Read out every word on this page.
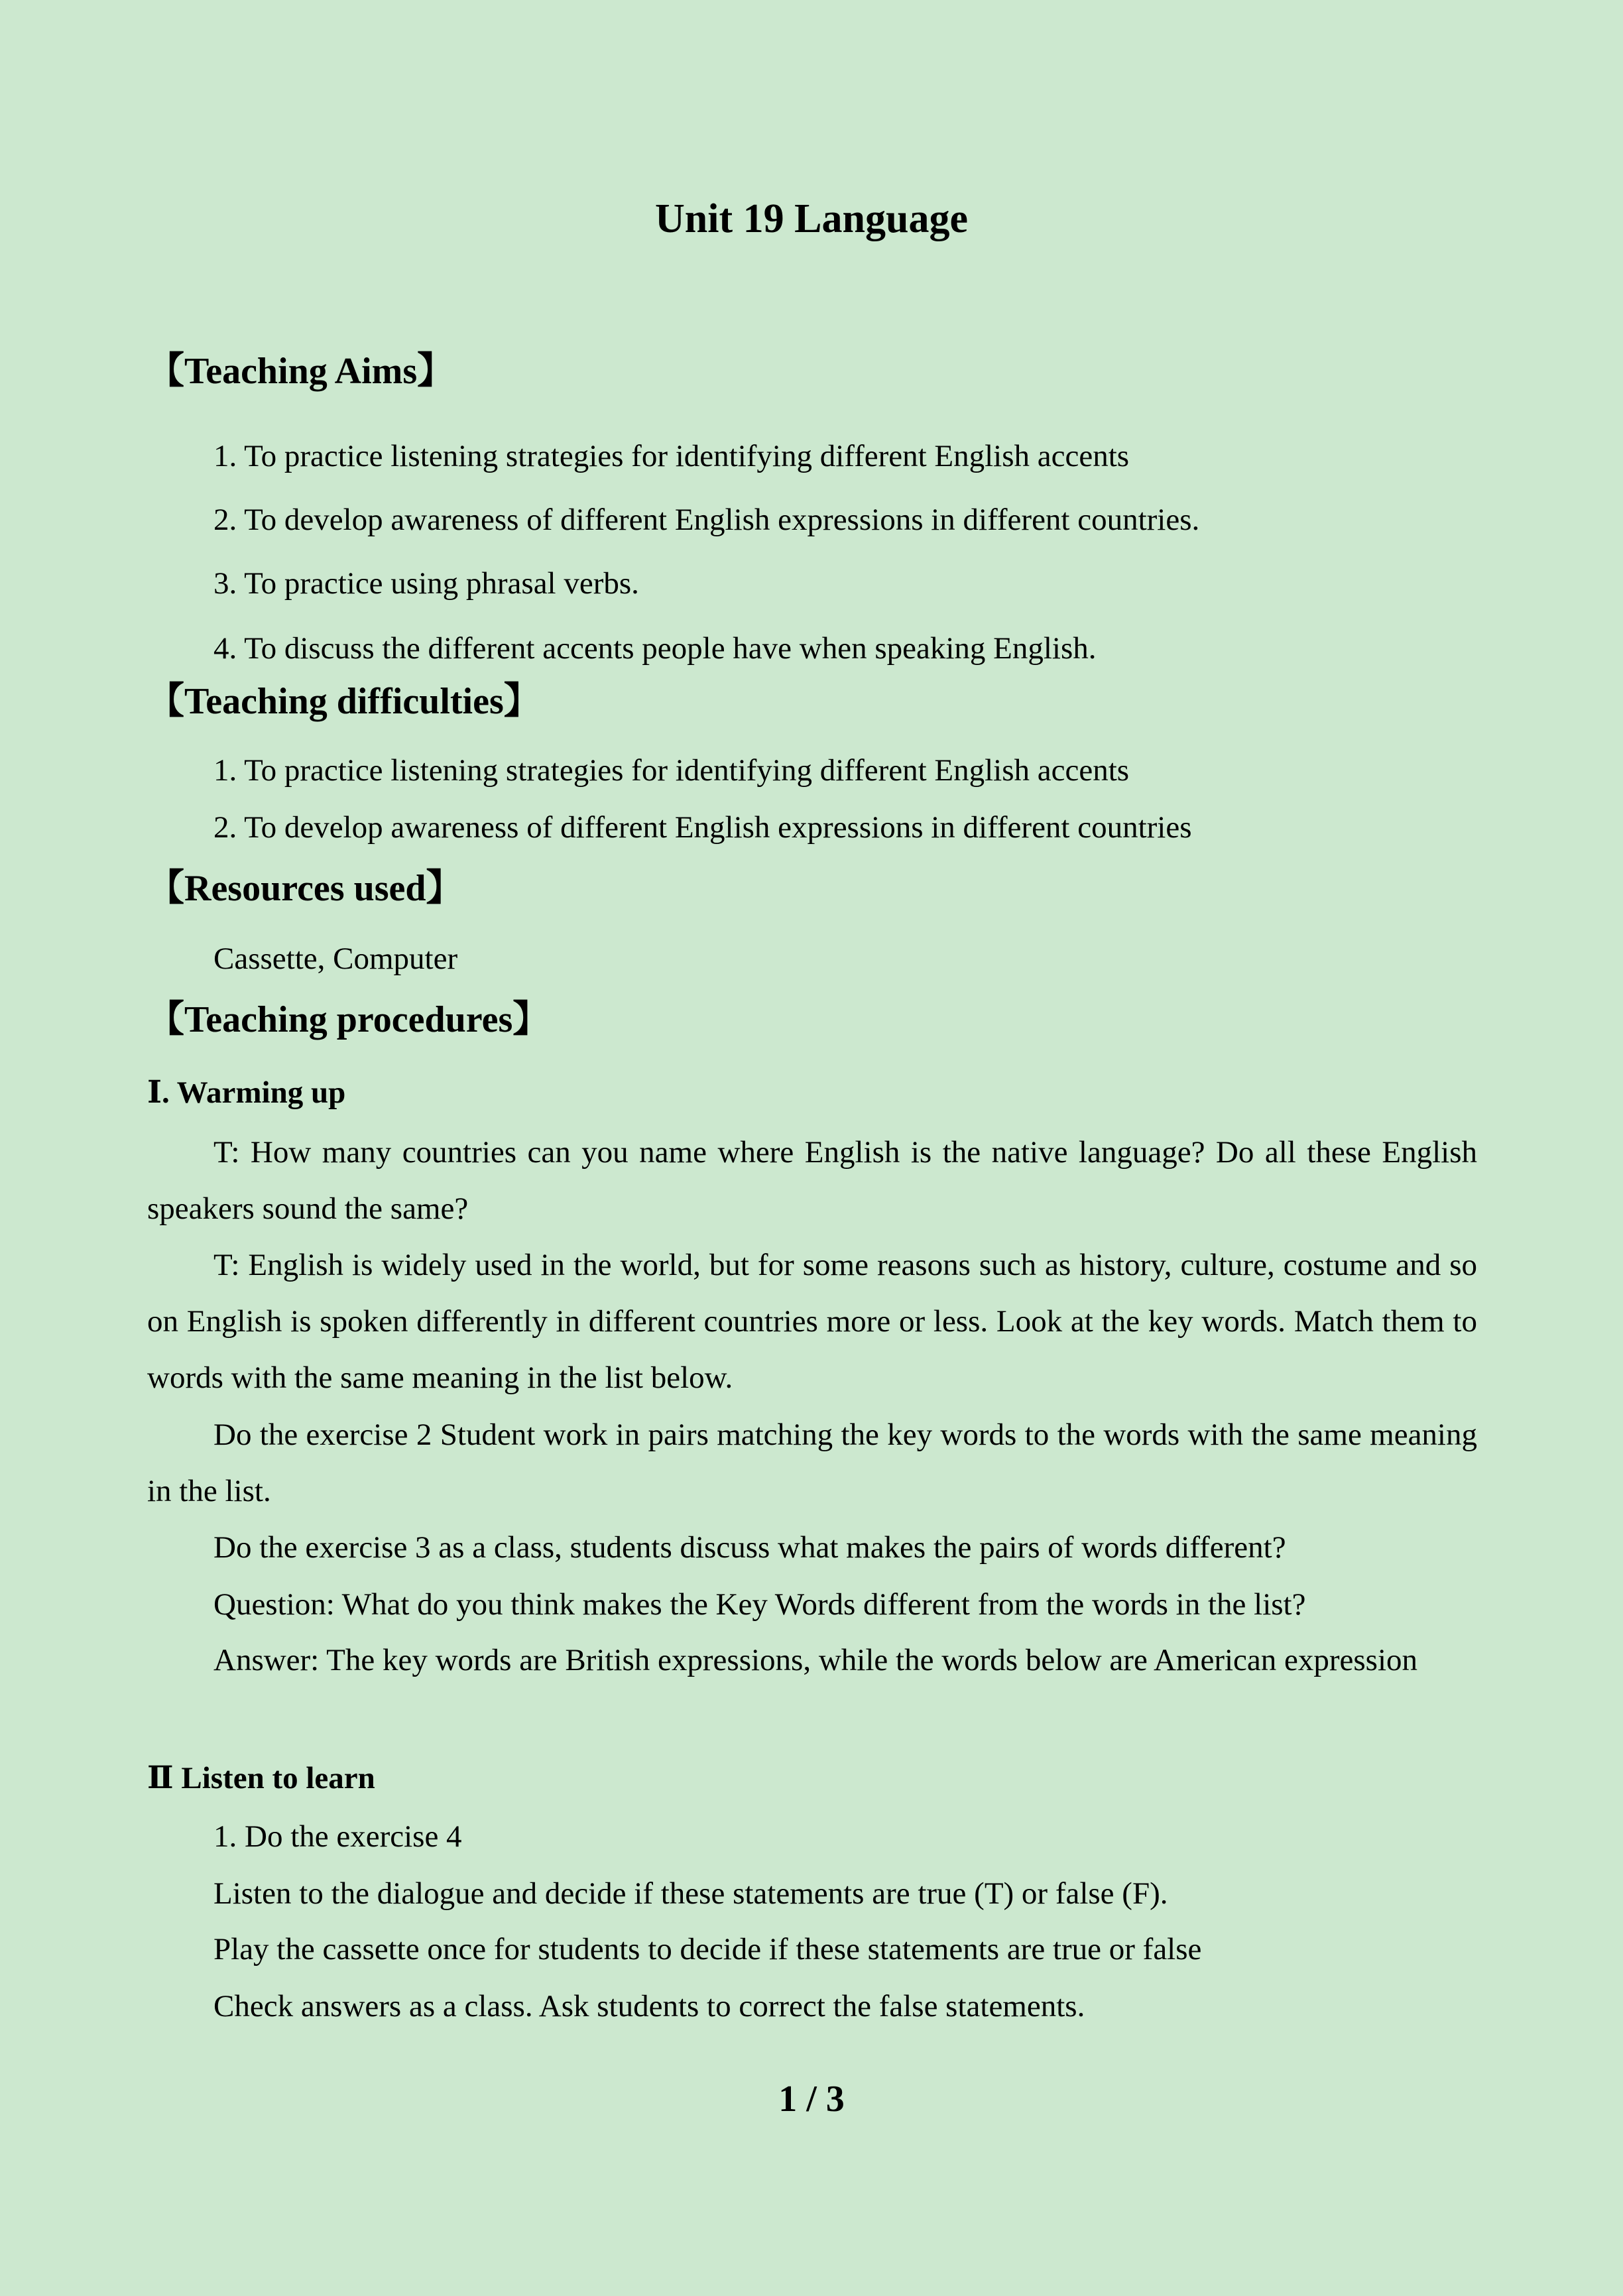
Unit 19 Language
【Teaching Aims】
1. To practice listening strategies for identifying different English accents
2. To develop awareness of different English expressions in different countries.
3. To practice using phrasal verbs.
4. To discuss the different accents people have when speaking English.
【Teaching difficulties】
1. To practice listening strategies for identifying different English accents
2. To develop awareness of different English expressions in different countries
【Resources used】
Cassette, Computer
【Teaching procedures】
Ⅰ. Warming up
T: How many countries can you name where English is the native language? Do all these English speakers sound the same?
T: English is widely used in the world, but for some reasons such as history, culture, costume and so on English is spoken differently in different countries more or less. Look at the key words. Match them to words with the same meaning in the list below.
Do the exercise 2 Student work in pairs matching the key words to the words with the same meaning in the list.
Do the exercise 3 as a class, students discuss what makes the pairs of words different?
Question: What do you think makes the Key Words different from the words in the list?
Answer: The key words are British expressions, while the words below are American expression
Ⅱ Listen to learn
1. Do the exercise 4
Listen to the dialogue and decide if these statements are true (T) or false (F).
Play the cassette once for students to decide if these statements are true or false
Check answers as a class. Ask students to correct the false statements.
1 / 3
